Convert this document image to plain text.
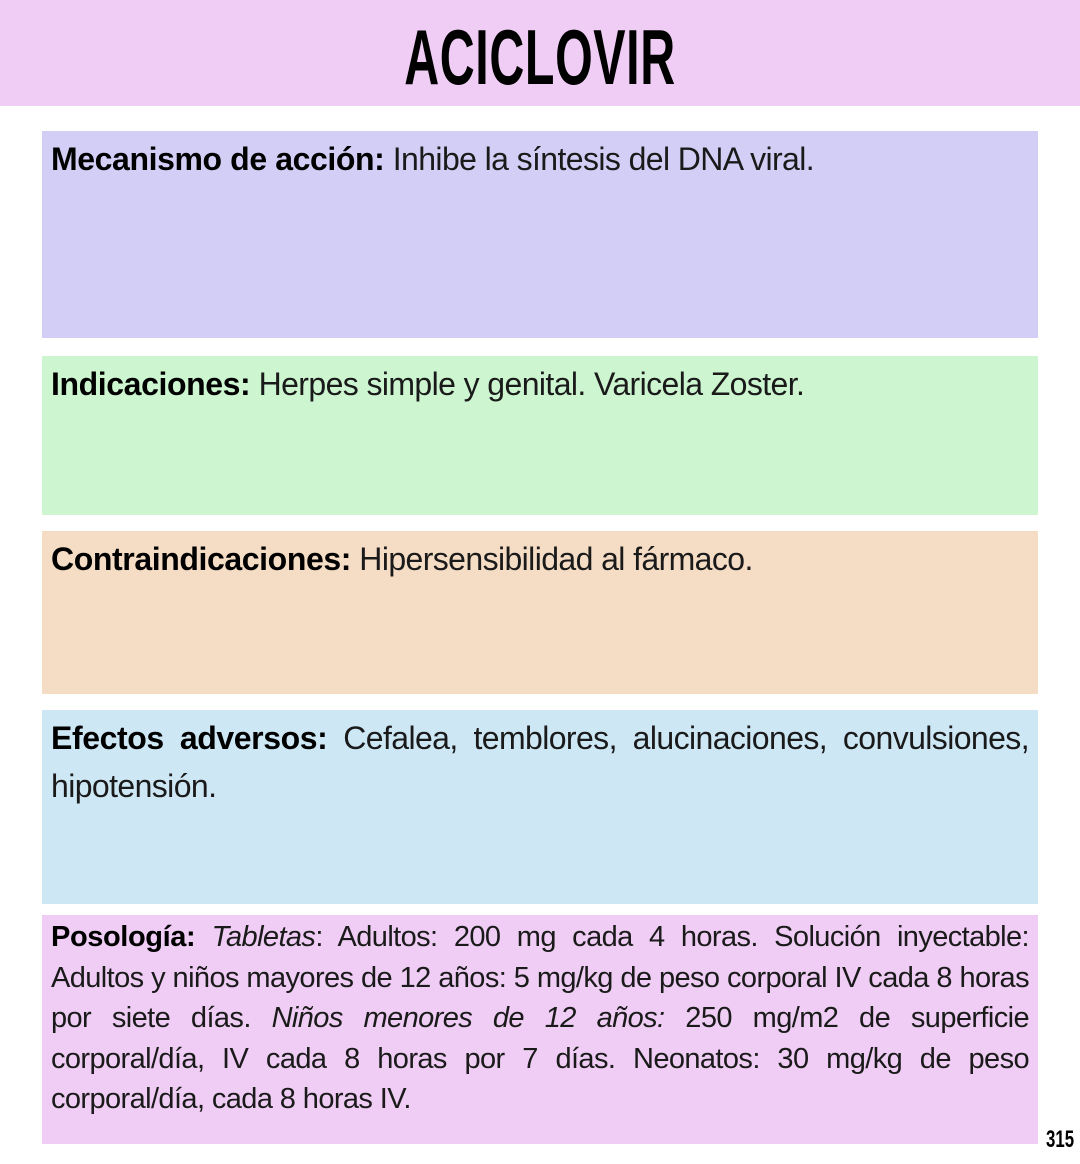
ACICLOVIR
Mecanismo de acción: Inhibe la síntesis del DNA viral.
Indicaciones: Herpes simple y genital. Varicela Zoster.
Contraindicaciones: Hipersensibilidad al fármaco.
Efectos adversos: Cefalea, temblores, alucinaciones, convulsiones, hipotensión.
Posología: Tabletas: Adultos: 200 mg cada 4 horas. Solución inyectable: Adultos y niños mayores de 12 años: 5 mg/kg de peso corporal IV cada 8 horas por siete días. Niños menores de 12 años: 250 mg/m2 de superficie corporal/día, IV cada 8 horas por 7 días. Neonatos: 30 mg/kg de peso corporal/día, cada 8 horas IV.
315
